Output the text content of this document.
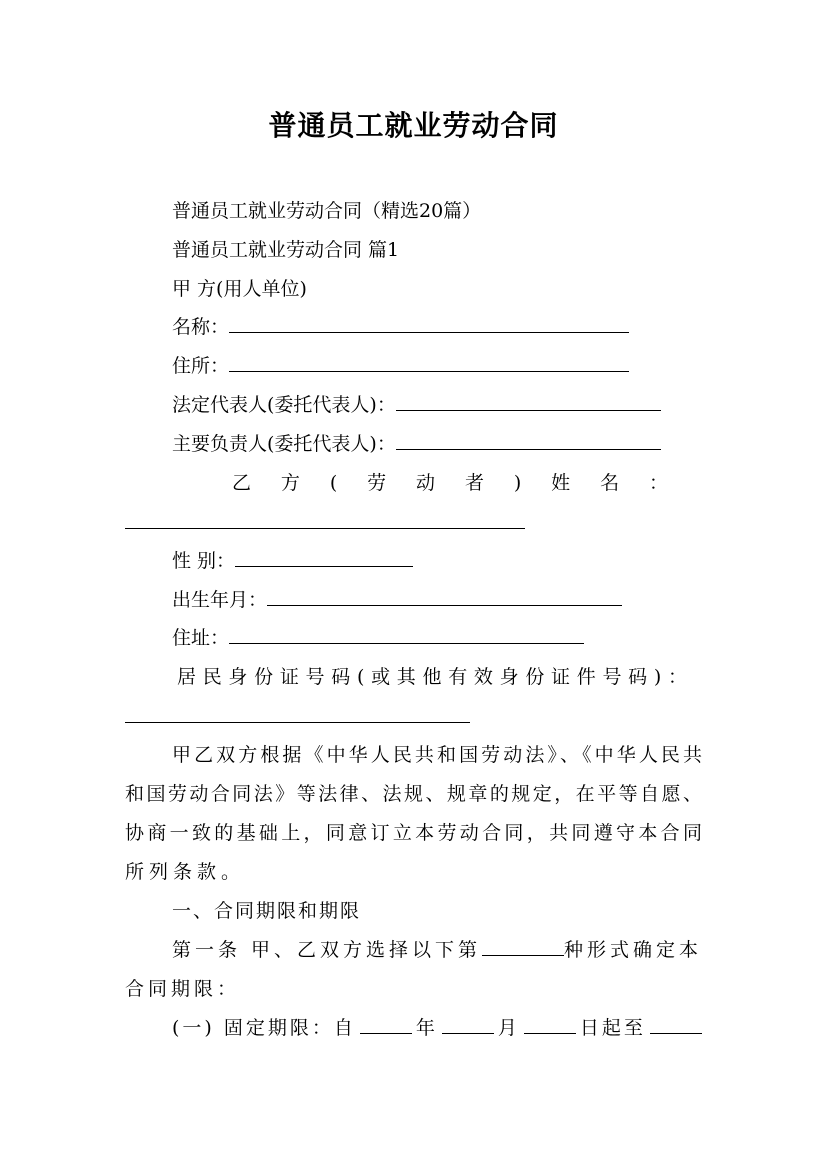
普通员工就业劳动合同
普通员工就业劳动合同（精选20篇）
普通员工就业劳动合同 篇1
甲 方(用人单位)
名称：
住所：
法定代表人(委托代表人)：
主要负责人(委托代表人)：
乙方(劳动者)姓名：
性 别：
出生年月：
住址：
居民身份证号码(或其他有效身份证件号码)：
甲乙双方根据《中华人民共和国劳动法》、《中华人民共
和国劳动合同法》等法律、法规、规章的规定，在平等自愿、
协商一致的基础上，同意订立本劳动合同，共同遵守本合同
所列条款。
一、合同期限和期限
第一条 甲、乙双方选择以下第	种形式确定本
合同期限：
(一) 固定期限：自	年	月	日起至
